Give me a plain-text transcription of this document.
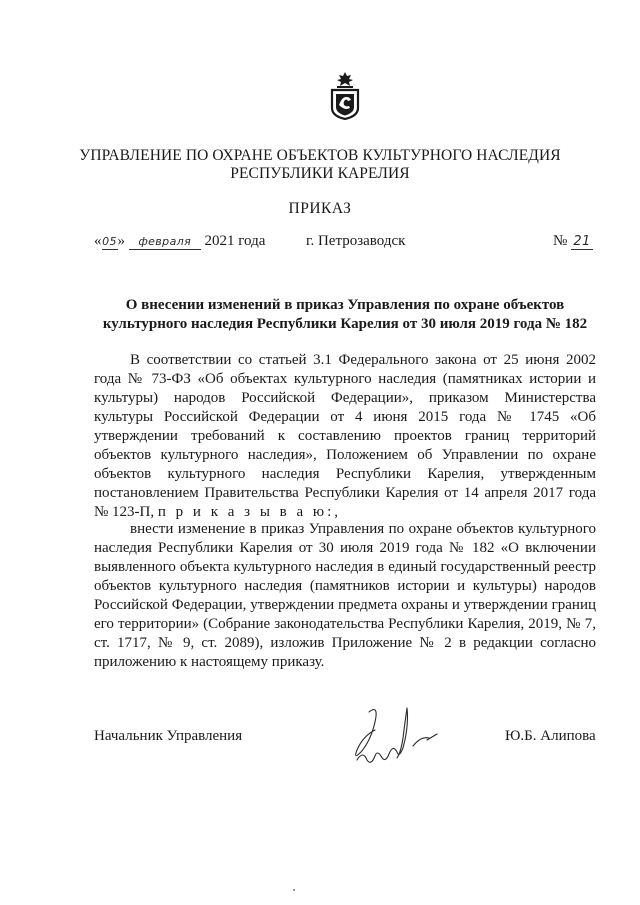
УПРАВЛЕНИЕ ПО ОХРАНЕ ОБЪЕКТОВ КУЛЬТУРНОГО НАСЛЕДИЯ
РЕСПУБЛИКИ КАРЕЛИЯ
ПРИКАЗ
«05» февраля 2021 года	г. Петрозаводск	№ 21
О внесении изменений в приказ Управления по охране объектов
культурного наследия Республики Карелия от 30 июля 2019 года № 182
В соответствии со статьей 3.1 Федерального закона от 25 июня 2002 года № 73-ФЗ «Об объектах культурного наследия (памятниках истории и культуры) народов Российской Федерации», приказом Министерства культуры Российской Федерации от 4 июня 2015 года № 1745 «Об утверждении требований к составлению проектов границ территорий объектов культурного наследия», Положением об Управлении по охране объектов культурного наследия Республики Карелия, утвержденным постановлением Правительства Республики Карелия от 14 апреля 2017 года № 123-П, п р и к а з ы в а ю:,
внести изменение в приказ Управления по охране объектов культурного наследия Республики Карелия от 30 июля 2019 года № 182 «О включении выявленного объекта культурного наследия в единый государственный реестр объектов культурного наследия (памятников истории и культуры) народов Российской Федерации, утверждении предмета охраны и утверждении границ его территории» (Собрание законодательства Республики Карелия, 2019, № 7, ст. 1717, № 9, ст. 2089), изложив Приложение № 2 в редакции согласно приложению к настоящему приказу.
Начальник Управления	Ю.Б. Алипова
